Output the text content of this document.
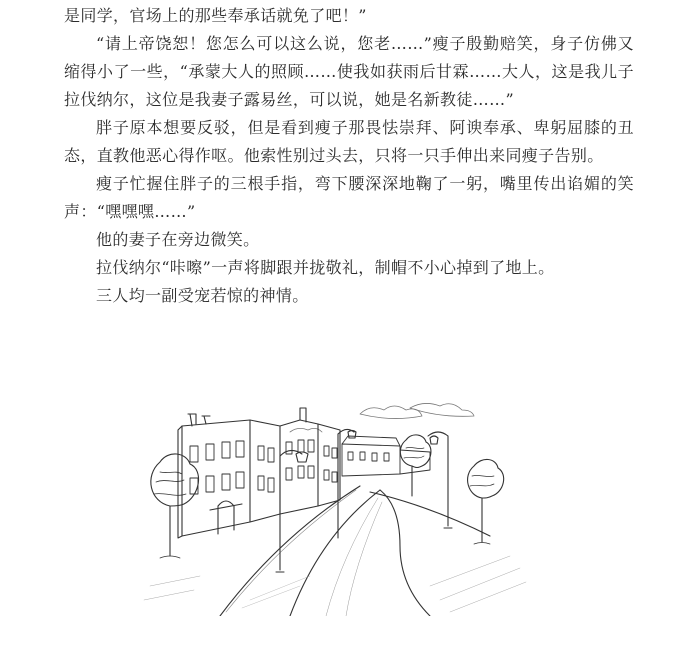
是同学，官场上的那些奉承话就免了吧！”

“请上帝饶恕！您怎么可以这么说，您老……”瘦子殷勤赔笑，身子仿佛又缩得小了一些，“承蒙大人的照顾……使我如获雨后甘霖……大人，这是我儿子拉伐纳尔，这位是我妻子露易丝，可以说，她是名新教徒……”

胖子原本想要反驳，但是看到瘦子那畏怯崇拜、阿谀奉承、卑躬屈膝的丑态，直教他恶心得作呕。他索性别过头去，只将一只手伸出来同瘦子告别。

瘦子忙握住胖子的三根手指，弯下腰深深地鞠了一躬，嘴里传出谄媚的笑声：“嘿嘿嘿……”

他的妻子在旁边微笑。

拉伐纳尔“咔嚓”一声将脚跟并拢敬礼，制帽不小心掉到了地上。

三人均一副受宠若惊的神情。
